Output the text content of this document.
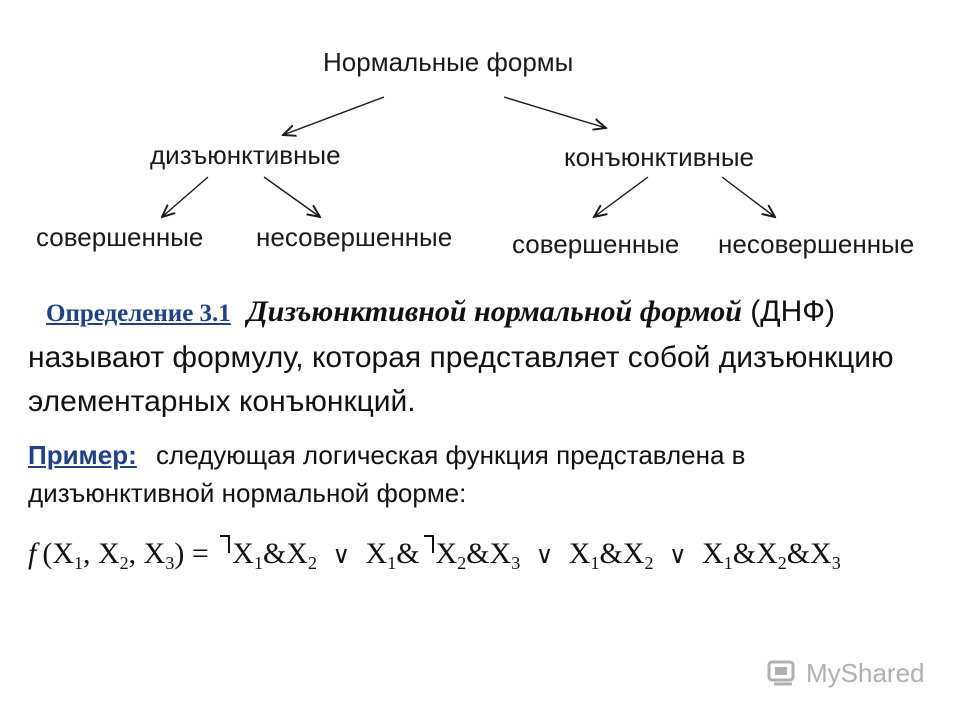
Нормальные формы
дизъюнктивные	конъюнктивные
совершенные несовершенные совершенные несовершенные
Определение 3.1 Дизъюнктивной нормальной формой (ДНФ) называют формулу, которая представляет собой дизъюнкцию элементарных конъюнкций.
Пример: следующая логическая функция представлена в дизъюнктивной нормальной форме:
f ($X_1$, $X_2$, $X_3$) = $X_1\&X_2$ ∨ $X_1\&$ $X_2\&X_3$ ∨ $X_1\&X_2$ ∨ $X_1\&X_2\&X_3$
MyShared
